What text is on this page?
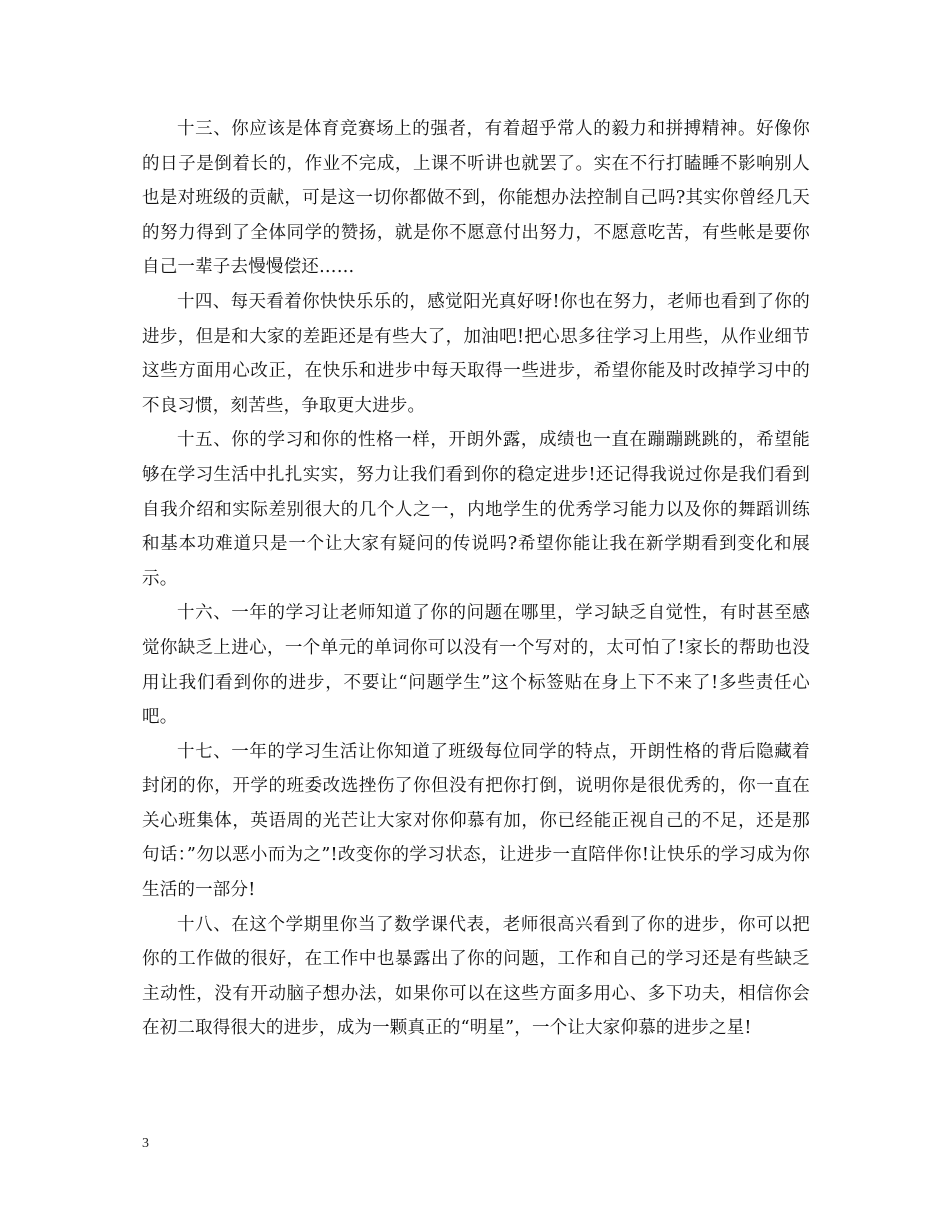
十三、你应该是体育竞赛场上的强者，有着超乎常人的毅力和拼搏精神。好像你的日子是倒着长的，作业不完成，上课不听讲也就罢了。实在不行打瞌睡不影响别人也是对班级的贡献，可是这一切你都做不到，你能想办法控制自己吗?其实你曾经几天的努力得到了全体同学的赞扬，就是你不愿意付出努力，不愿意吃苦，有些帐是要你自己一辈子去慢慢偿还……

十四、每天看着你快快乐乐的，感觉阳光真好呀!你也在努力，老师也看到了你的进步，但是和大家的差距还是有些大了，加油吧!把心思多往学习上用些，从作业细节这些方面用心改正，在快乐和进步中每天取得一些进步，希望你能及时改掉学习中的不良习惯，刻苦些，争取更大进步。

十五、你的学习和你的性格一样，开朗外露，成绩也一直在蹦蹦跳跳的，希望能够在学习生活中扎扎实实，努力让我们看到你的稳定进步!还记得我说过你是我们看到自我介绍和实际差别很大的几个人之一，内地学生的优秀学习能力以及你的舞蹈训练和基本功难道只是一个让大家有疑问的传说吗?希望你能让我在新学期看到变化和展示。

十六、一年的学习让老师知道了你的问题在哪里，学习缺乏自觉性，有时甚至感觉你缺乏上进心，一个单元的单词你可以没有一个写对的，太可怕了!家长的帮助也没用让我们看到你的进步，不要让“问题学生”这个标签贴在身上下不来了!多些责任心吧。

十七、一年的学习生活让你知道了班级每位同学的特点，开朗性格的背后隐藏着封闭的你，开学的班委改选挫伤了你但没有把你打倒，说明你是很优秀的，你一直在关心班集体，英语周的光芒让大家对你仰慕有加，你已经能正视自己的不足，还是那句话：”勿以恶小而为之”!改变你的学习状态，让进步一直陪伴你!让快乐的学习成为你生活的一部分!

十八、在这个学期里你当了数学课代表，老师很高兴看到了你的进步，你可以把你的工作做的很好，在工作中也暴露出了你的问题，工作和自己的学习还是有些缺乏主动性，没有开动脑子想办法，如果你可以在这些方面多用心、多下功夫，相信你会在初二取得很大的进步，成为一颗真正的“明星”，一个让大家仰慕的进步之星!

3
